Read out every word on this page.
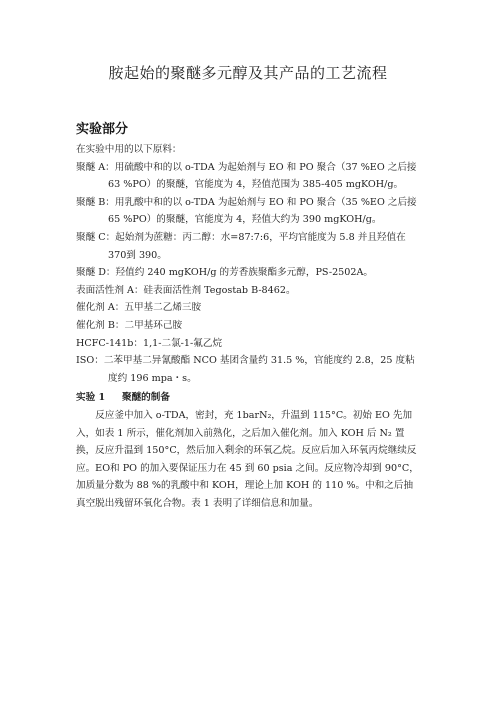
胺起始的聚醚多元醇及其产品的工艺流程
实验部分

在实验中用的以下原料：

聚醚 A：用硫酸中和的以 o-TDA 为起始剂与 EO 和 PO 聚合（37 %EO 之后接63 %PO）的聚醚，官能度为 4，羟值范围为 385-405 mgKOH/g。

聚醚 B：用乳酸中和的以 o-TDA 为起始剂与 EO 和 PO 聚合（35 %EO 之后接65 %PO）的聚醚，官能度为 4，羟值大约为 390 mgKOH/g。

聚醚 C：起始剂为蔗糖：丙二醇：水=87:7:6，平均官能度为 5.8 并且羟值在 370到 390。

聚醚 D：羟值约 240 mgKOH/g 的芳香族聚酯多元醇，PS-2502A。

表面活性剂 A：硅表面活性剂 Tegostab B-8462。

催化剂 A：五甲基二乙烯三胺

催化剂 B：二甲基环己胺

HCFC-141b：1,1-二氯-1-氟乙烷

ISO：二苯甲基二异氰酸酯 NCO 基团含量约 31.5 %，官能度约 2.8，25 度粘度约 196 mpa・s。

实验 1 聚醚的制备

反应釜中加入 o-TDA，密封，充 1barN₂，升温到 115°C。初始 EO 先加入，如表 1 所示，催化剂加入前熟化，之后加入催化剂。加入 KOH 后 N₂ 置换，反应升温到 150°C，然后加入剩余的环氧乙烷。反应后加入环氧丙烷继续反应。EO和 PO 的加入要保证压力在 45 到 60 psia 之间。反应物冷却到 90°C，加质量分数为 88 %的乳酸中和 KOH，理论上加 KOH 的 110 %。中和之后抽真空脱出残留环氧化合物。表 1 表明了详细信息和加量。
